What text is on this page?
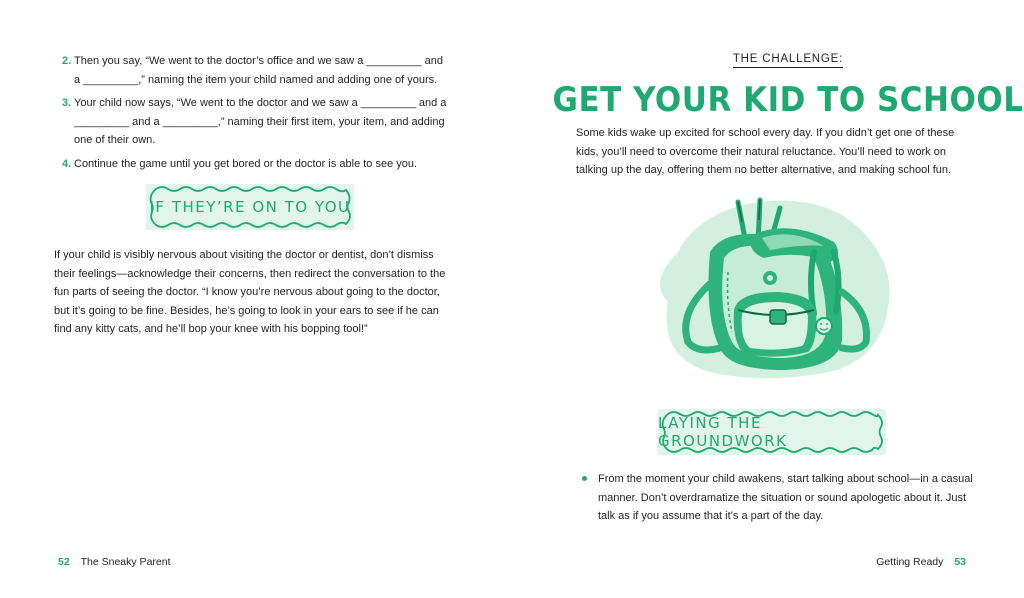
2. Then you say, “We went to the doctor’s office and we saw a _________ and a _________,” naming the item your child named and adding one of yours.
3. Your child now says, “We went to the doctor and we saw a _________ and a _________ and a _________,” naming their first item, your item, and adding one of their own.
4. Continue the game until you get bored or the doctor is able to see you.
IF THEY’RE ON TO YOU
If your child is visibly nervous about visiting the doctor or dentist, don’t dismiss their feelings—acknowledge their concerns, then redirect the conversation to the fun parts of seeing the doctor. “I know you’re nervous about going to the doctor, but it’s going to be fine. Besides, he’s going to look in your ears to see if he can find any kitty cats, and he’ll bop your knee with his bopping tool!”
52 The Sneaky Parent
THE CHALLENGE:
GET YOUR KID TO SCHOOL
Some kids wake up excited for school every day. If you didn’t get one of these kids, you’ll need to overcome their natural reluctance. You’ll need to work on talking up the day, offering them no better alternative, and making school fun.
LAYING THE GROUNDWORK
From the moment your child awakens, start talking about school—in a casual manner. Don’t overdramatize the situation or sound apologetic about it. Just talk as if you assume that it’s a part of the day.
Getting Ready 53
